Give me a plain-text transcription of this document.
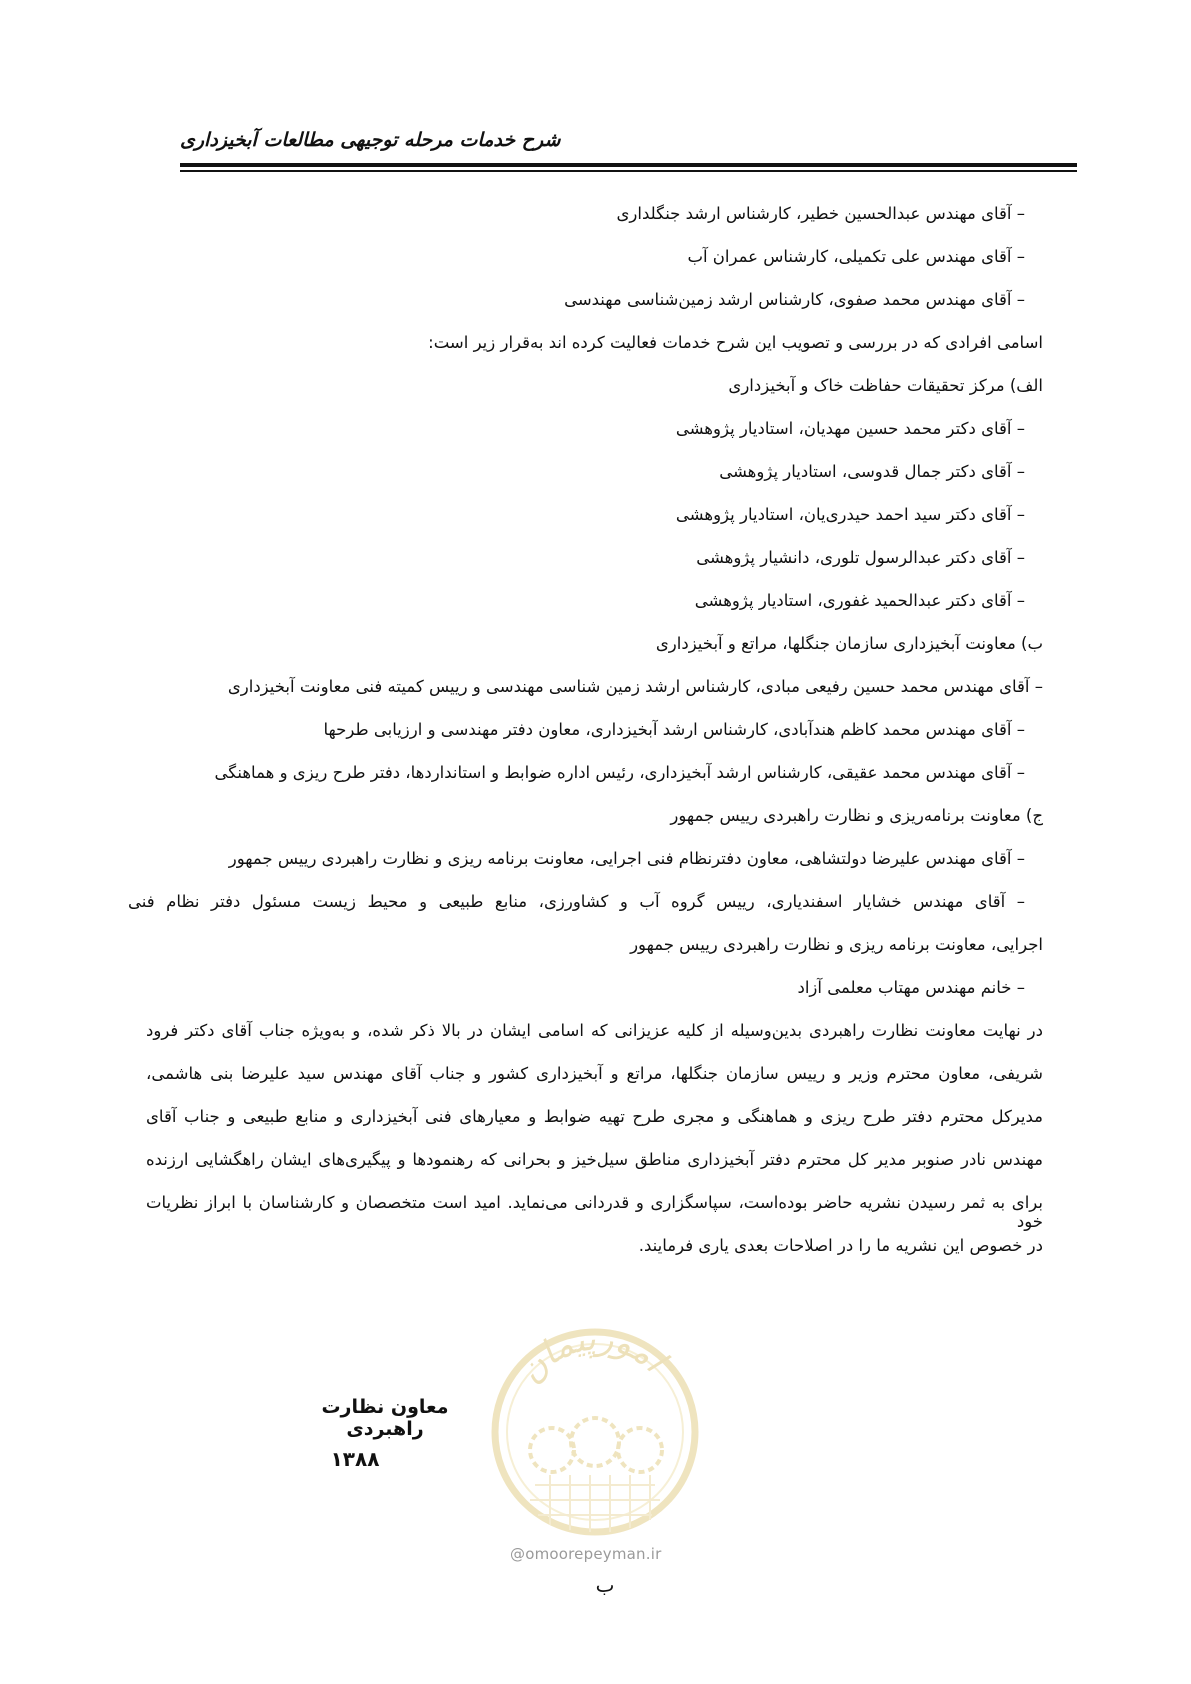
شرح خدمات مرحله توجیهی مطالعات آبخیزداری
– آقای مهندس عبدالحسین خطیر، کارشناس ارشد جنگلداری
– آقای مهندس علی تکمیلی، کارشناس عمران آب
– آقای مهندس محمد صفوی، کارشناس ارشد زمین‌شناسی مهندسی
اسامی افرادی که در بررسی و تصویب این شرح خدمات فعالیت کرده اند به‌قرار زیر است:
الف) مرکز تحقیقات حفاظت خاک و آبخیزداری
– آقای دکتر محمد حسین مهدیان، استادیار پژوهشی
– آقای دکتر جمال قدوسی، استادیار پژوهشی
– آقای دکتر سید احمد حیدری‌یان، استادیار پژوهشی
– آقای دکتر عبدالرسول تلوری، دانشیار پژوهشی
– آقای دکتر عبدالحمید غفوری، استادیار پژوهشی
ب) معاونت آبخیزداری سازمان جنگلها، مراتع و آبخیزداری
– آقای مهندس محمد حسین رفیعی مبادی، کارشناس ارشد زمین شناسی مهندسی و رییس کمیته فنی معاونت آبخیزداری
– آقای مهندس محمد کاظم هندآبادی، کارشناس ارشد آبخیزداری، معاون دفتر مهندسی و ارزیابی طرحها
– آقای مهندس محمد عقیقی، کارشناس ارشد آبخیزداری، رئیس اداره ضوابط و استانداردها، دفتر طرح ریزی و هماهنگی
ج) معاونت برنامه‌ریزی و نظارت راهبردی رییس جمهور
– آقای مهندس علیرضا دولتشاهی، معاون دفترنظام فنی اجرایی، معاونت برنامه ریزی و نظارت راهبردی رییس جمهور
– آقای مهندس خشایار اسفندیاری، رییس گروه آب و کشاورزی، منابع طبیعی و محیط زیست مسئول دفتر نظام فنی
اجرایی، معاونت برنامه ریزی و نظارت راهبردی رییس جمهور
– خانم مهندس مهتاب معلمی آزاد
در نهایت معاونت نظارت راهبردی بدین‌وسیله از کلیه عزیزانی که اسامی ایشان در بالا ذکر شده، و به‌ویژه جناب آقای دکتر فرود
شریفی، معاون محترم وزیر و رییس سازمان جنگلها، مراتع و آبخیزداری کشور و جناب آقای مهندس سید علیرضا بنی هاشمی،
مدیرکل محترم دفتر طرح ریزی و هماهنگی و مجری طرح تهیه ضوابط و معیارهای فنی آبخیزداری و منابع طبیعی و جناب آقای
مهندس نادر صنوبر مدیر کل محترم دفتر آبخیزداری مناطق سیل‌خیز و بحرانی که رهنمودها و پیگیری‌های ایشان راهگشایی ارزنده
برای به ثمر رسیدن نشریه حاضر بوده‌است، سپاسگزاری و قدردانی می‌نماید. امید است متخصصان و کارشناسان با ابراز نظریات خود
در خصوص این نشریه ما را در اصلاحات بعدی یاری فرمایند.
امورپیمان
@omoorepeyman.ir
معاون نظارت راهبردی
۱۳۸۸
ب
